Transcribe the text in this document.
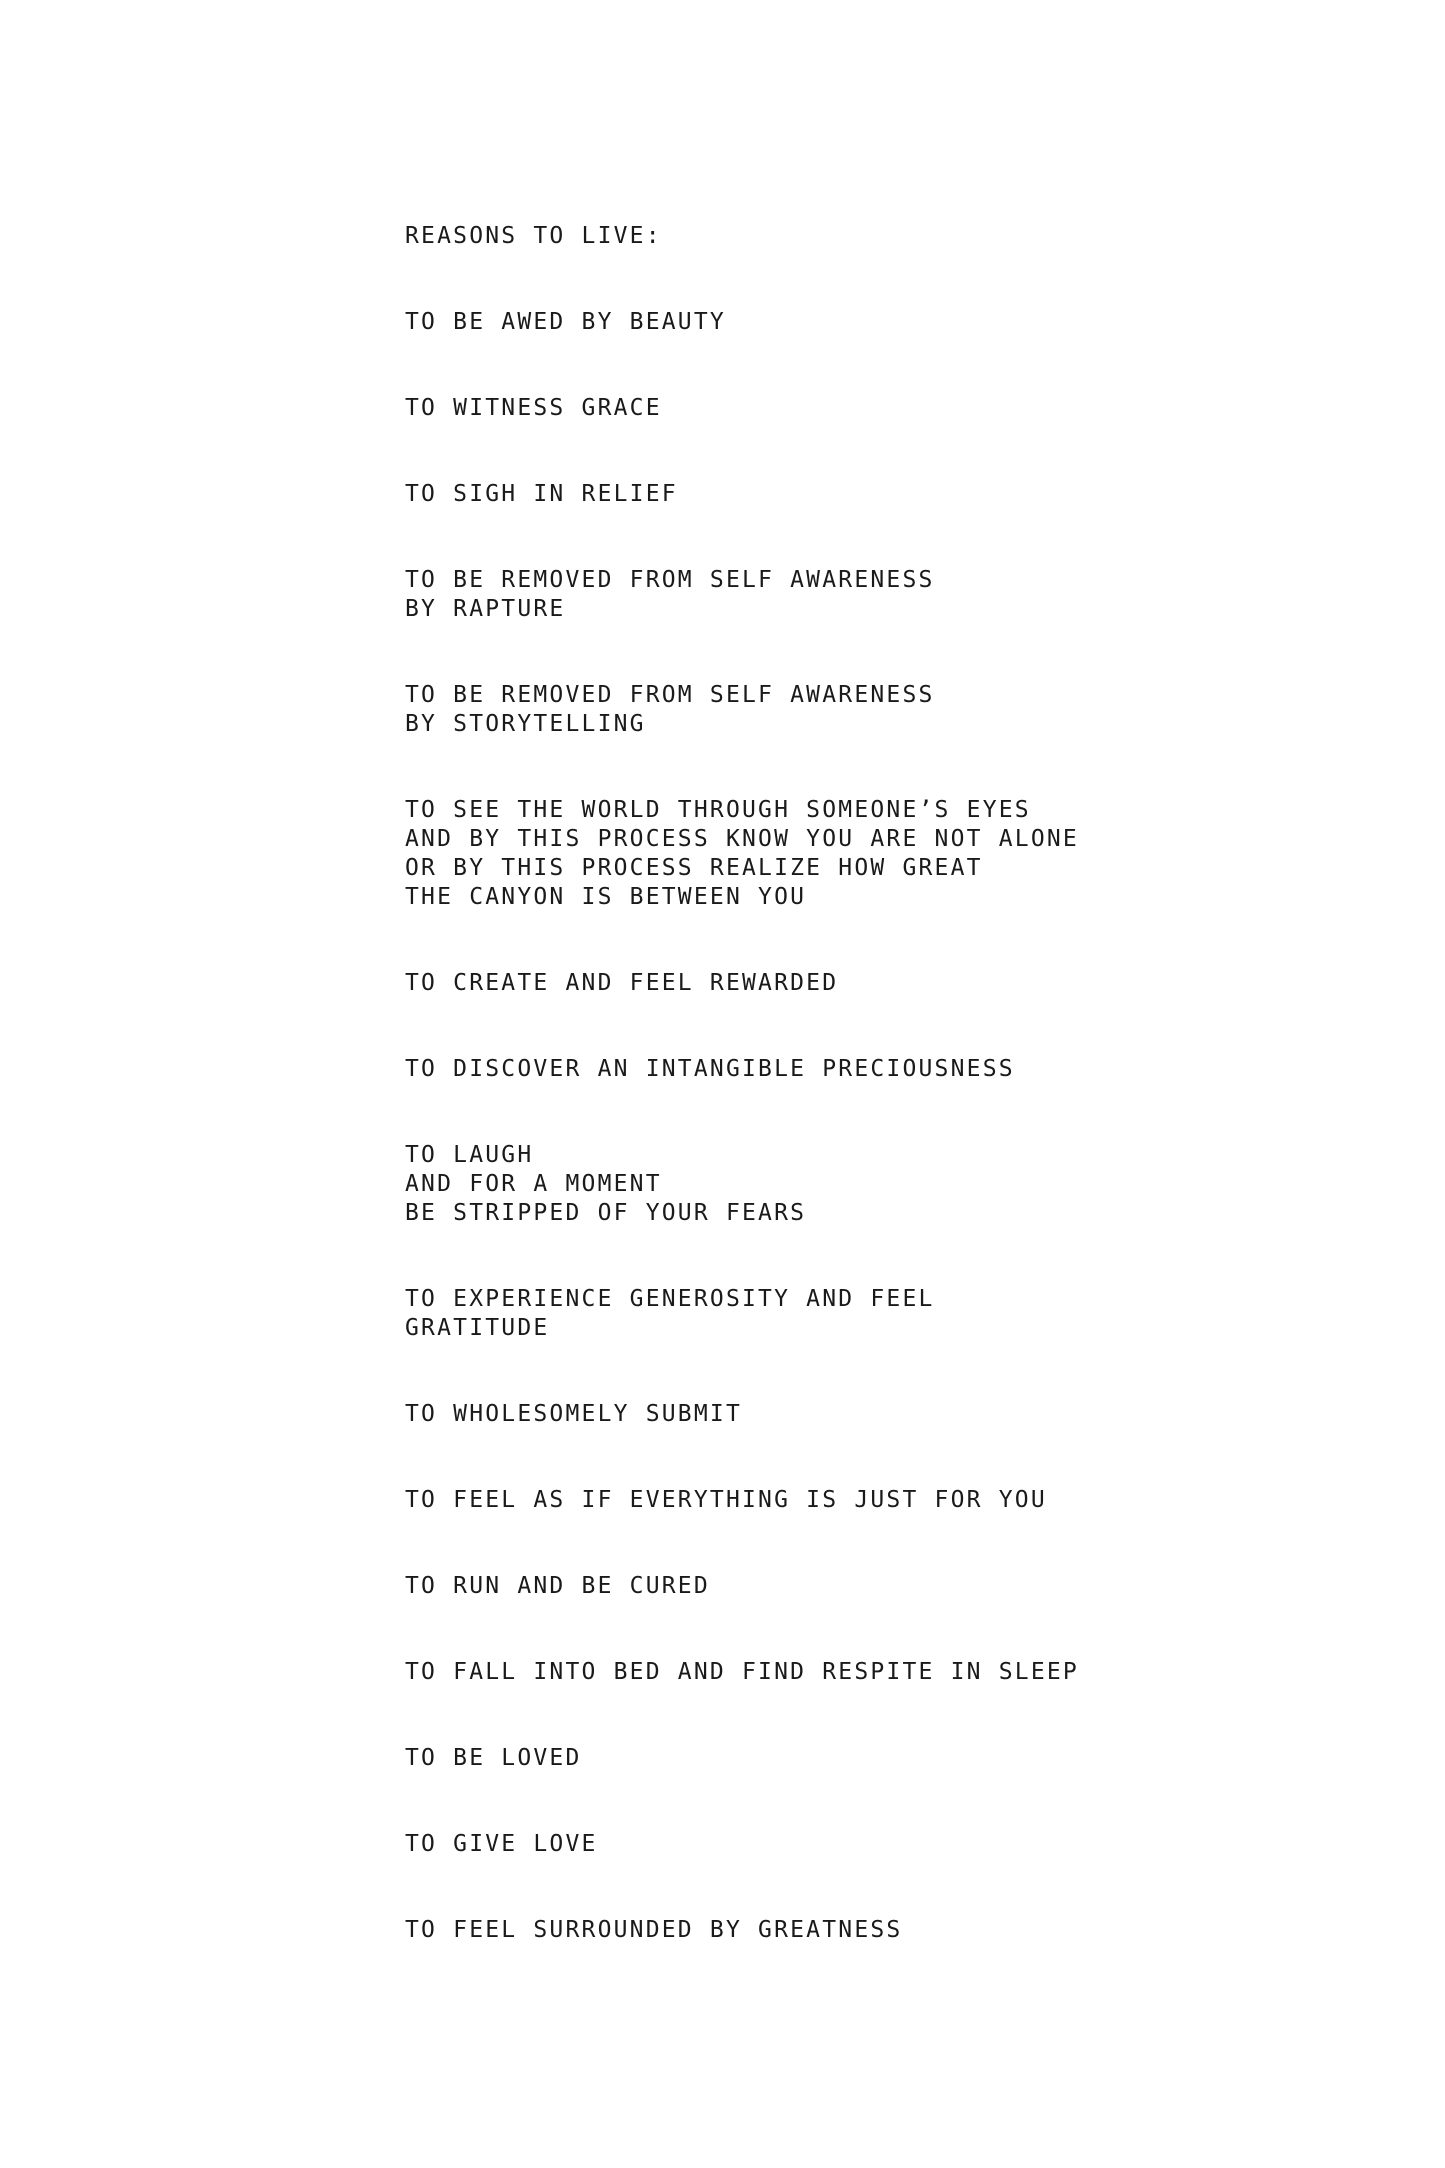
REASONS TO LIVE:
TO BE AWED BY BEAUTY
TO WITNESS GRACE
TO SIGH IN RELIEF
TO BE REMOVED FROM SELF AWARENESS
BY RAPTURE
TO BE REMOVED FROM SELF AWARENESS
BY STORYTELLING
TO SEE THE WORLD THROUGH SOMEONE’S EYES
AND BY THIS PROCESS KNOW YOU ARE NOT ALONE
OR BY THIS PROCESS REALIZE HOW GREAT
THE CANYON IS BETWEEN YOU
TO CREATE AND FEEL REWARDED
TO DISCOVER AN INTANGIBLE PRECIOUSNESS
TO LAUGH
AND FOR A MOMENT
BE STRIPPED OF YOUR FEARS
TO EXPERIENCE GENEROSITY AND FEEL
GRATITUDE
TO WHOLESOMELY SUBMIT
TO FEEL AS IF EVERYTHING IS JUST FOR YOU
TO RUN AND BE CURED
TO FALL INTO BED AND FIND RESPITE IN SLEEP
TO BE LOVED
TO GIVE LOVE
TO FEEL SURROUNDED BY GREATNESS
